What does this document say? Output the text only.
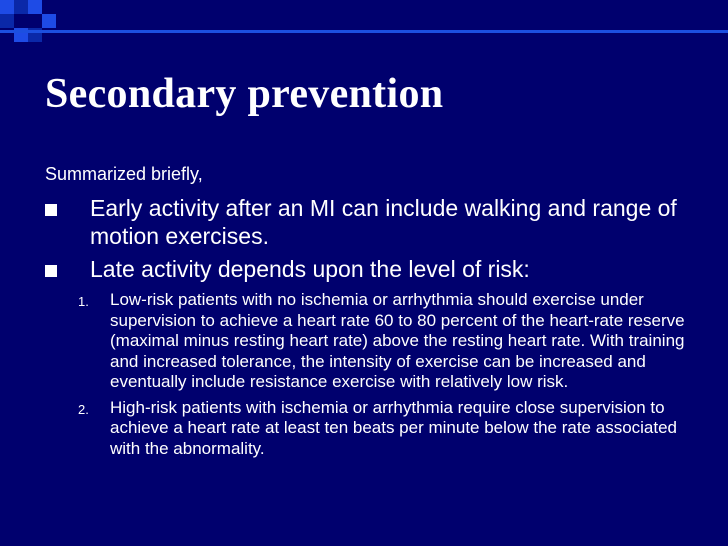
Secondary prevention
Summarized briefly,
Early activity after an MI can include walking and range of motion exercises.
Late activity depends upon the level of risk:
1. Low-risk patients with no ischemia or arrhythmia should exercise under supervision to achieve a heart rate 60 to 80 percent of the heart-rate reserve (maximal minus resting heart rate) above the resting heart rate. With training and increased tolerance, the intensity of exercise can be increased and eventually include resistance exercise with relatively low risk.
2. High-risk patients with ischemia or arrhythmia require close supervision to achieve a heart rate at least ten beats per minute below the rate associated with the abnormality.
